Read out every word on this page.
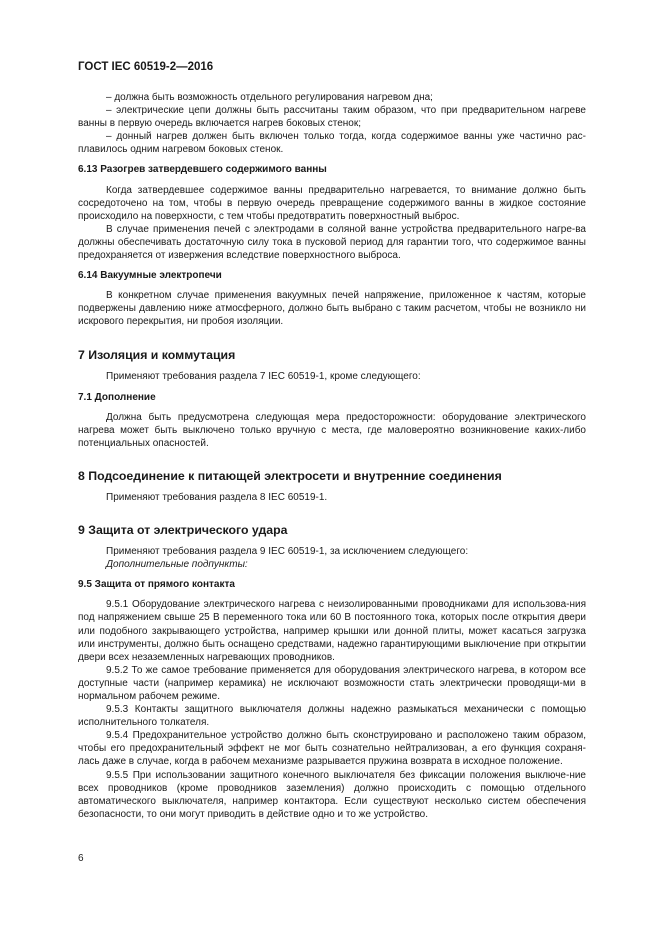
ГОСТ IEC 60519-2—2016

– должна быть возможность отдельного регулирования нагревом дна;

– электрические цепи должны быть рассчитаны таким образом, что при предварительном нагреве ванны в первую очередь включается нагрев боковых стенок;

– донный нагрев должен быть включен только тогда, когда содержимое ванны уже частично рас-плавилось одним нагревом боковых стенок.

6.13 Разогрев затвердевшего содержимого ванны

Когда затвердевшее содержимое ванны предварительно нагревается, то внимание должно быть сосредоточено на том, чтобы в первую очередь превращение содержимого ванны в жидкое состояние происходило на поверхности, с тем чтобы предотвратить поверхностный выброс.

В случае применения печей с электродами в соляной ванне устройства предварительного нагре-ва должны обеспечивать достаточную силу тока в пусковой период для гарантии того, что содержимое ванны предохраняется от извержения вследствие поверхностного выброса.

6.14 Вакуумные электропечи

В конкретном случае применения вакуумных печей напряжение, приложенное к частям, которые подвержены давлению ниже атмосферного, должно быть выбрано с таким расчетом, чтобы не возникло ни искрового перекрытия, ни пробоя изоляции.

7 Изоляция и коммутация

Применяют требования раздела 7 IEC 60519-1, кроме следующего:

7.1 Дополнение

Должна быть предусмотрена следующая мера предосторожности: оборудование электрического нагрева может быть выключено только вручную с места, где маловероятно возникновение каких-либо потенциальных опасностей.

8 Подсоединение к питающей электросети и внутренние соединения

Применяют требования раздела 8 IEC 60519-1.

9 Защита от электрического удара

Применяют требования раздела 9 IEC 60519-1, за исключением следующего:

Дополнительные подпункты:

9.5 Защита от прямого контакта

9.5.1 Оборудование электрического нагрева с неизолированными проводниками для использова-ния под напряжением свыше 25 В переменного тока или 60 В постоянного тока, которых после открытия двери или подобного закрывающего устройства, например крышки или донной плиты, может касаться загрузка или инструменты, должно быть оснащено средствами, надежно гарантирующими выключение при открытии двери всех незаземленных нагревающих проводников.

9.5.2 То же самое требование применяется для оборудования электрического нагрева, в котором все доступные части (например керамика) не исключают возможности стать электрически проводящи-ми в нормальном рабочем режиме.

9.5.3 Контакты защитного выключателя должны надежно размыкаться механически с помощью исполнительного толкателя.

9.5.4 Предохранительное устройство должно быть сконструировано и расположено таким образом, чтобы его предохранительный эффект не мог быть сознательно нейтрализован, а его функция сохраня-лась даже в случае, когда в рабочем механизме разрывается пружина возврата в исходное положение.

9.5.5 При использовании защитного конечного выключателя без фиксации положения выключе-ние всех проводников (кроме проводников заземления) должно происходить с помощью отдельного автоматического выключателя, например контактора. Если существуют несколько систем обеспечения безопасности, то они могут приводить в действие одно и то же устройство.

6
